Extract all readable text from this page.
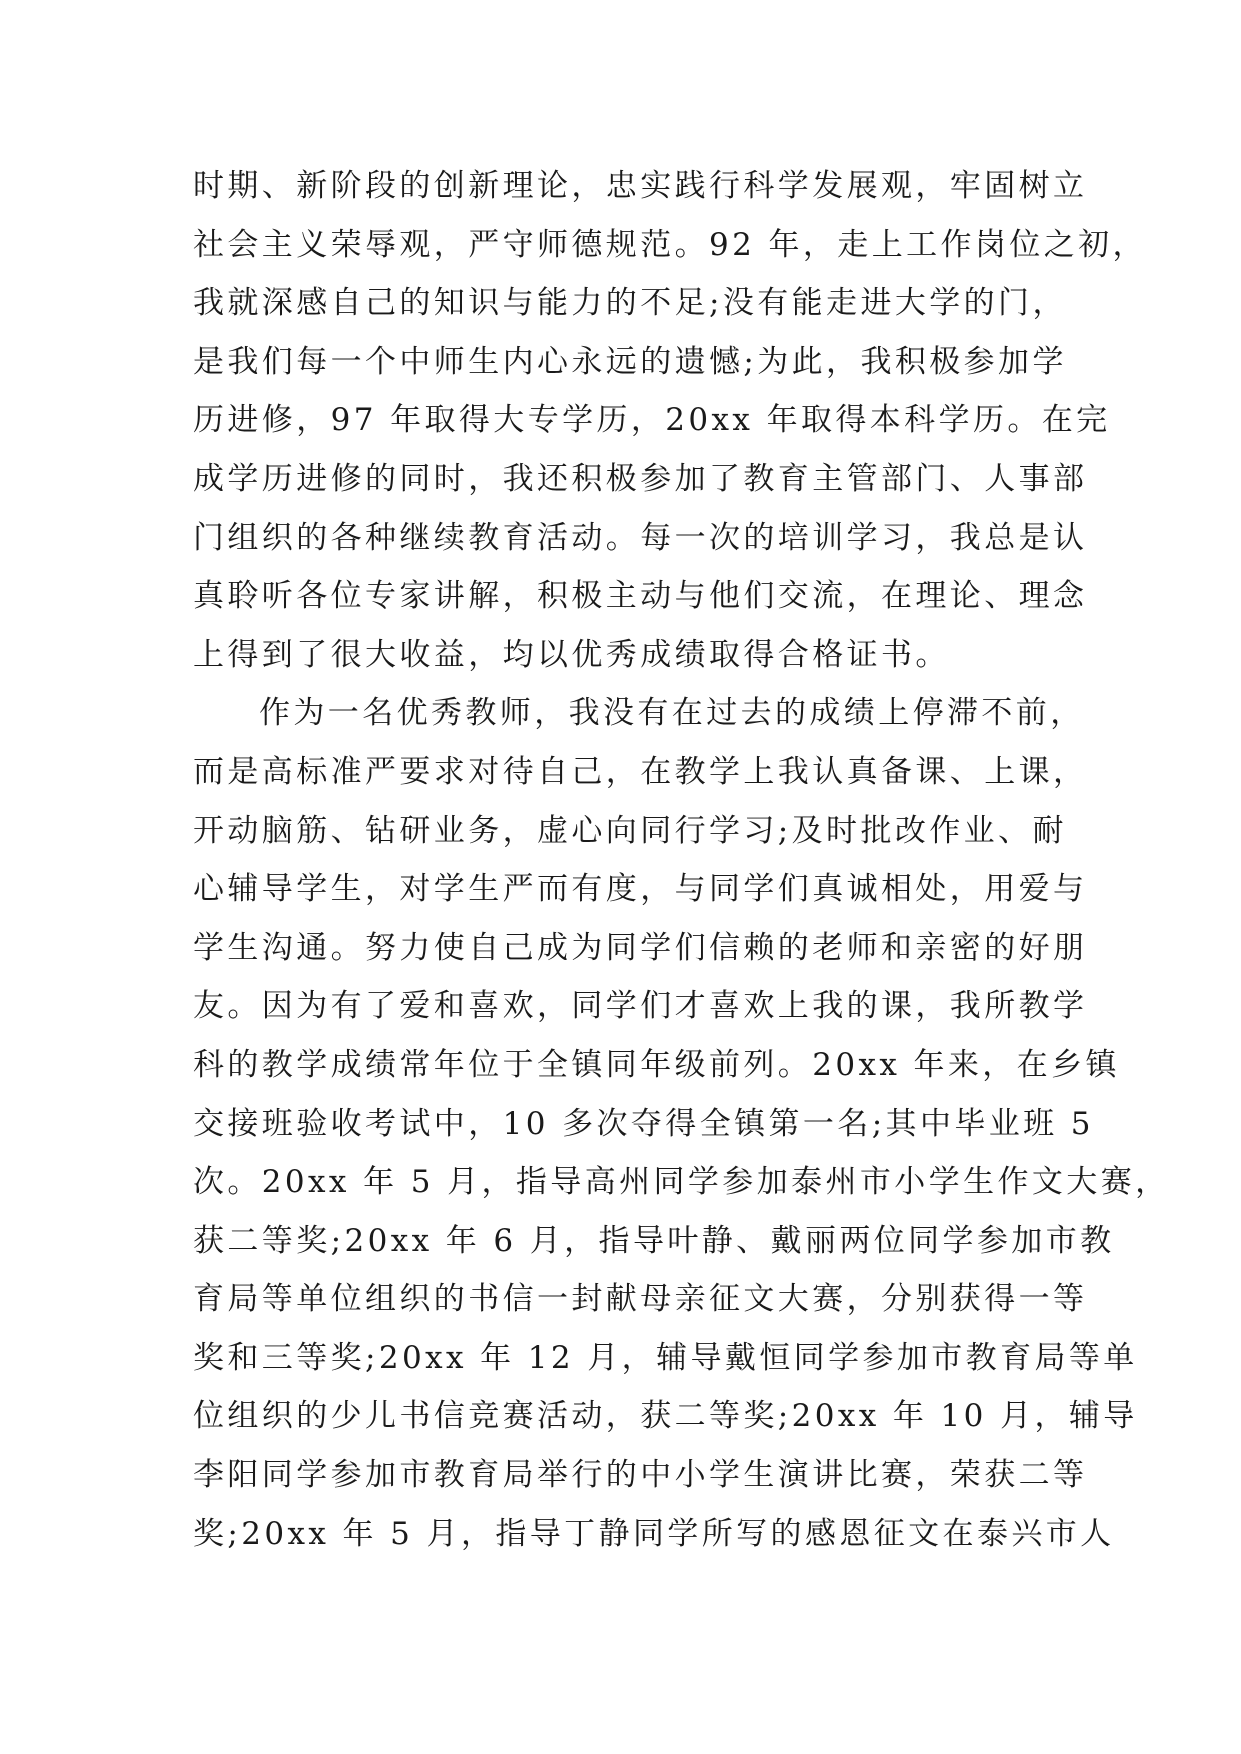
时期、新阶段的创新理论，忠实践行科学发展观，牢固树立
社会主义荣辱观，严守师德规范。92 年，走上工作岗位之初，
我就深感自己的知识与能力的不足;没有能走进大学的门，
是我们每一个中师生内心永远的遗憾;为此，我积极参加学
历进修，97 年取得大专学历，20xx 年取得本科学历。在完
成学历进修的同时，我还积极参加了教育主管部门、人事部
门组织的各种继续教育活动。每一次的培训学习，我总是认
真聆听各位专家讲解，积极主动与他们交流，在理论、理念
上得到了很大收益，均以优秀成绩取得合格证书。
作为一名优秀教师，我没有在过去的成绩上停滞不前，
而是高标准严要求对待自己，在教学上我认真备课、上课，
开动脑筋、钻研业务，虚心向同行学习;及时批改作业、耐
心辅导学生，对学生严而有度，与同学们真诚相处，用爱与
学生沟通。努力使自己成为同学们信赖的老师和亲密的好朋
友。因为有了爱和喜欢，同学们才喜欢上我的课，我所教学
科的教学成绩常年位于全镇同年级前列。20xx 年来，在乡镇
交接班验收考试中，10 多次夺得全镇第一名;其中毕业班 5
次。20xx 年 5 月，指导高州同学参加泰州市小学生作文大赛，
获二等奖;20xx 年 6 月，指导叶静、戴丽两位同学参加市教
育局等单位组织的书信一封献母亲征文大赛，分别获得一等
奖和三等奖;20xx 年 12 月，辅导戴恒同学参加市教育局等单
位组织的少儿书信竞赛活动，获二等奖;20xx 年 10 月，辅导
李阳同学参加市教育局举行的中小学生演讲比赛，荣获二等
奖;20xx 年 5 月，指导丁静同学所写的感恩征文在泰兴市人
